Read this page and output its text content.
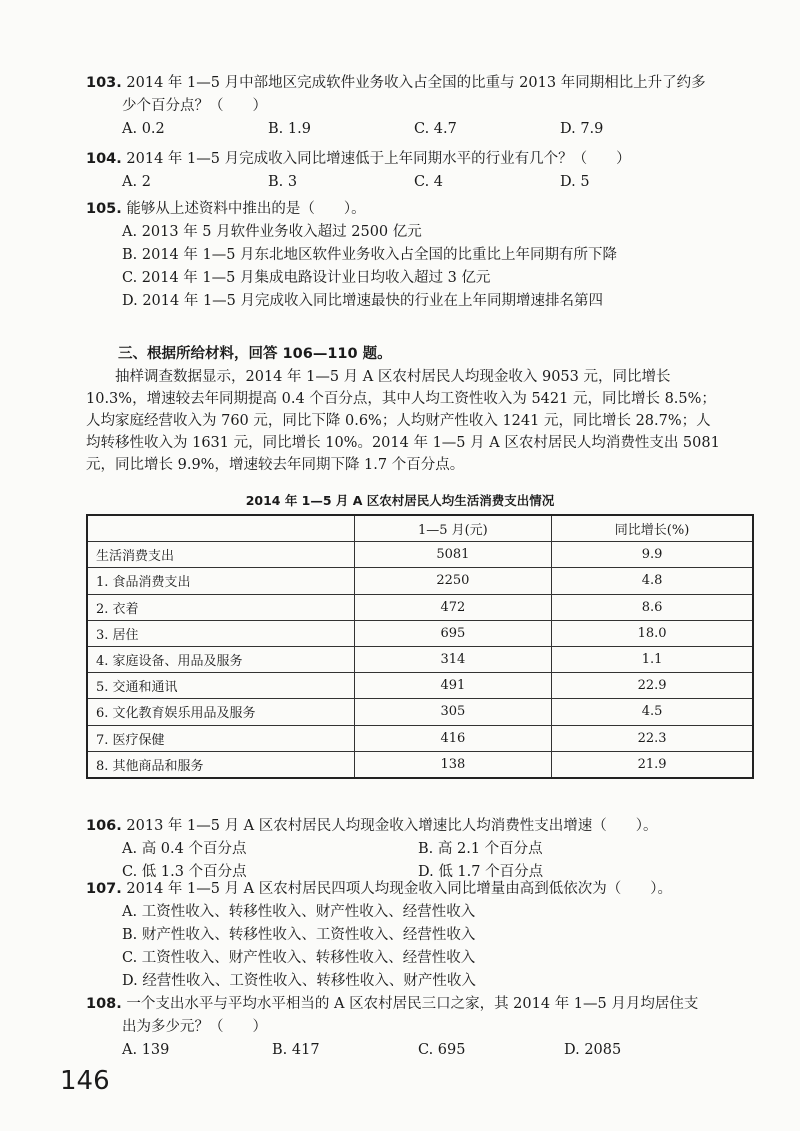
103. 2014 年 1—5 月中部地区完成软件业务收入占全国的比重与 2013 年同期相比上升了约多
少个百分点？（　　）
A. 0.2	B. 1.9	C. 4.7	D. 7.9
104. 2014 年 1—5 月完成收入同比增速低于上年同期水平的行业有几个？（　　）
A. 2	B. 3	C. 4	D. 5
105. 能够从上述资料中推出的是（　　）。
A. 2013 年 5 月软件业务收入超过 2500 亿元
B. 2014 年 1—5 月东北地区软件业务收入占全国的比重比上年同期有所下降
C. 2014 年 1—5 月集成电路设计业日均收入超过 3 亿元
D. 2014 年 1—5 月完成收入同比增速最快的行业在上年同期增速排名第四
三、根据所给材料，回答 106—110 题。
　　抽样调查数据显示，2014 年 1—5 月 A 区农村居民人均现金收入 9053 元，同比增长
10.3%，增速较去年同期提高 0.4 个百分点，其中人均工资性收入为 5421 元，同比增长 8.5%；
人均家庭经营收入为 760 元，同比下降 0.6%；人均财产性收入 1241 元，同比增长 28.7%；人
均转移性收入为 1631 元，同比增长 10%。2014 年 1—5 月 A 区农村居民人均消费性支出 5081
元，同比增长 9.9%，增速较去年同期下降 1.7 个百分点。
2014 年 1—5 月 A 区农村居民人均生活消费支出情况
	1—5 月(元)	同比增长(%)
生活消费支出	5081	9.9
1. 食品消费支出	2250	4.8
2. 衣着	472	8.6
3. 居住	695	18.0
4. 家庭设备、用品及服务	314	1.1
5. 交通和通讯	491	22.9
6. 文化教育娱乐用品及服务	305	4.5
7. 医疗保健	416	22.3
8. 其他商品和服务	138	21.9
106. 2013 年 1—5 月 A 区农村居民人均现金收入增速比人均消费性支出增速（　　）。
A. 高 0.4 个百分点	B. 高 2.1 个百分点
C. 低 1.3 个百分点	D. 低 1.7 个百分点
107. 2014 年 1—5 月 A 区农村居民四项人均现金收入同比增量由高到低依次为（　　）。
A. 工资性收入、转移性收入、财产性收入、经营性收入
B. 财产性收入、转移性收入、工资性收入、经营性收入
C. 工资性收入、财产性收入、转移性收入、经营性收入
D. 经营性收入、工资性收入、转移性收入、财产性收入
108. 一个支出水平与平均水平相当的 A 区农村居民三口之家，其 2014 年 1—5 月月均居住支
出为多少元？（　　）
A. 139	B. 417	C. 695	D. 2085
146
